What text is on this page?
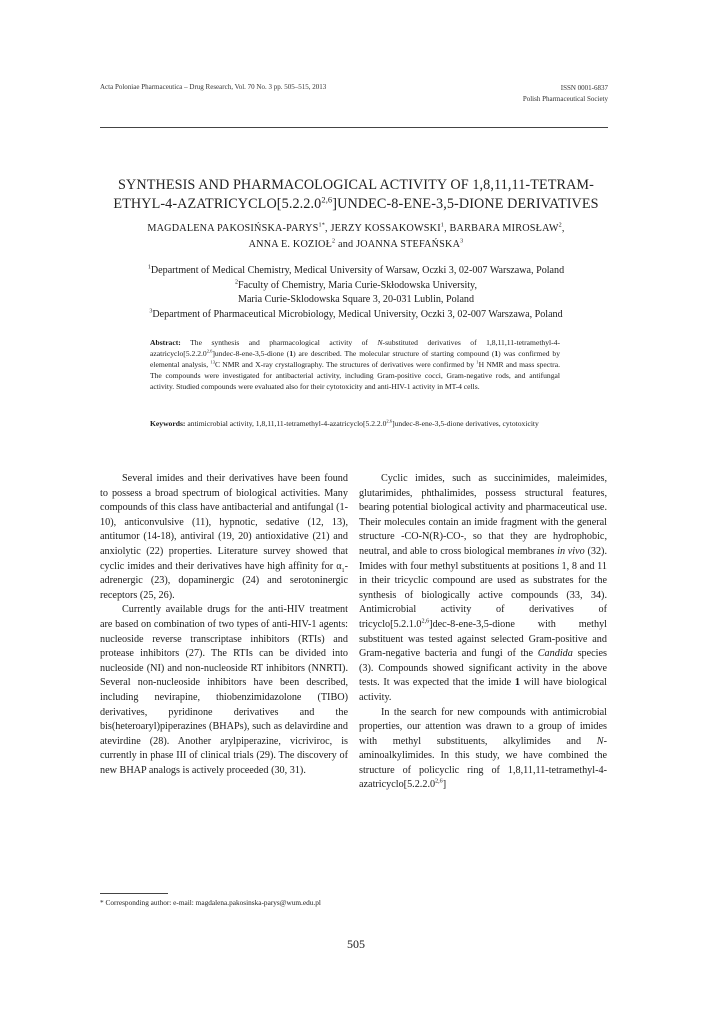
Acta Poloniae Pharmaceutica – Drug Research, Vol. 70 No. 3 pp. 505–515, 2013	ISSN 0001-6837
Polish Pharmaceutical Society
SYNTHESIS AND PHARMACOLOGICAL ACTIVITY OF 1,8,11,11-TETRAM-
ETHYL-4-AZATRICYCLO[5.2.2.0$^{2,6}$]UNDEC-8-ENE-3,5-DIONE DERIVATIVES
MAGDALENA PAKOSIŃSKA-$PARYS^{1*}$, JERZY KOSSAKOWSKI$^1$, BARBARA MIROSŁAW$^2$,
ANNA E. KOZIOŁ$^2$ and JOANNA STEFAŃSKA$^3$
$^1$Department of Medical Chemistry, Medical University of Warsaw, Oczki 3, 02-007 Warszawa, Poland
$^2$Faculty of Chemistry, Maria Curie-Skłodowska University,
Maria Curie-Sklodowska Square 3, 20-031 Lublin, Poland
$^3$Department of Pharmaceutical Microbiology, Medical University, Oczki 3, 02-007 Warszawa, Poland
Abstract: The synthesis and pharmacological activity of N-substituted derivatives of 1,8,11,11-tetramethyl-4-azatricyclo[5.2.2.0$^{2,6}$]undec-8-ene-3,5-dione (1) are described. The molecular structure of starting compound (1) was confirmed by elemental analysis, $^{13}$C NMR and X-ray crystallography. The structures of derivatives were confirmed by $^1$H NMR and mass spectra. The compounds were investigated for antibacterial activity, including Gram-positive cocci, Gram-negative rods, and antifungal activity. Studied compounds were evaluated also for their cytotoxicity and anti-HIV-1 activity in MT-4 cells.
Keywords: antimicrobial activity, 1,8,11,11-tetramethyl-4-azatricyclo[5.2.2.0$^{2,6}$]undec-8-ene-3,5-dione derivatives, cytotoxicity

Several imides and their derivatives have been found to possess a broad spectrum of biological activities. Many compounds of this class have antibacterial and antifungal (1-10), anticonvulsive (11), hypnotic, sedative (12, 13), antitumor (14-18), antiviral (19, 20) antioxidative (21) and anxiolytic (22) properties. Literature survey showed that cyclic imides and their derivatives have high affinity for $\alpha_1$-adrenergic (23), dopaminergic (24) and serotoninergic receptors (25, 26).

Currently available drugs for the anti-HIV treatment are based on combination of two types of anti-HIV-1 agents: nucleoside reverse transcriptase inhibitors (RTIs) and protease inhibitors (27). The RTIs can be divided into nucleoside (NI) and non-nucleoside RT inhibitors (NNRTI). Several non-nucleoside inhibitors have been described, including nevirapine, thiobenzimidazolone (TIBO) derivatives, pyridinone derivatives and the bis(heteroaryl)piperazines (BHAPs), such as delavirdine and atevirdine (28). Another arylpiperazine, vicriviroc, is currently in phase III of clinical trials (29). The discovery of new BHAP analogs is actively proceeded (30, 31).

Cyclic imides, such as succinimides, maleimides, glutarimides, phthalimides, possess structural features, bearing potential biological activity and pharmaceutical use. Their molecules contain an imide fragment with the general structure -CO-N(R)-CO-, so that they are hydrophobic, neutral, and able to cross biological membranes in vivo (32). Imides with four methyl substituents at positions 1, 8 and 11 in their tricyclic compound are used as substrates for the synthesis of biologically active compounds (33, 34). Antimicrobial activity of derivatives of tricyclo[5.2.1.0$^{2,6}$]dec-8-ene-3,5-dione with methyl substituent was tested against selected Gram-positive and Gram-negative bacteria and fungi of the Candida species (3). Compounds showed significant activity in the above tests. It was expected that the imide 1 will have biological activity.

In the search for new compounds with antimicrobial properties, our attention was drawn to a group of imides with methyl substituents, alkylimides and N-aminoalkylimides. In this study, we have combined the structure of policyclic ring of 1,8,11,11-tetramethyl-4-azatricyclo[5.2.2.0$^{2,6}$]

* Corresponding author: e-mail: magdalena.pakosinska-parys@wum.edu.pl
505
